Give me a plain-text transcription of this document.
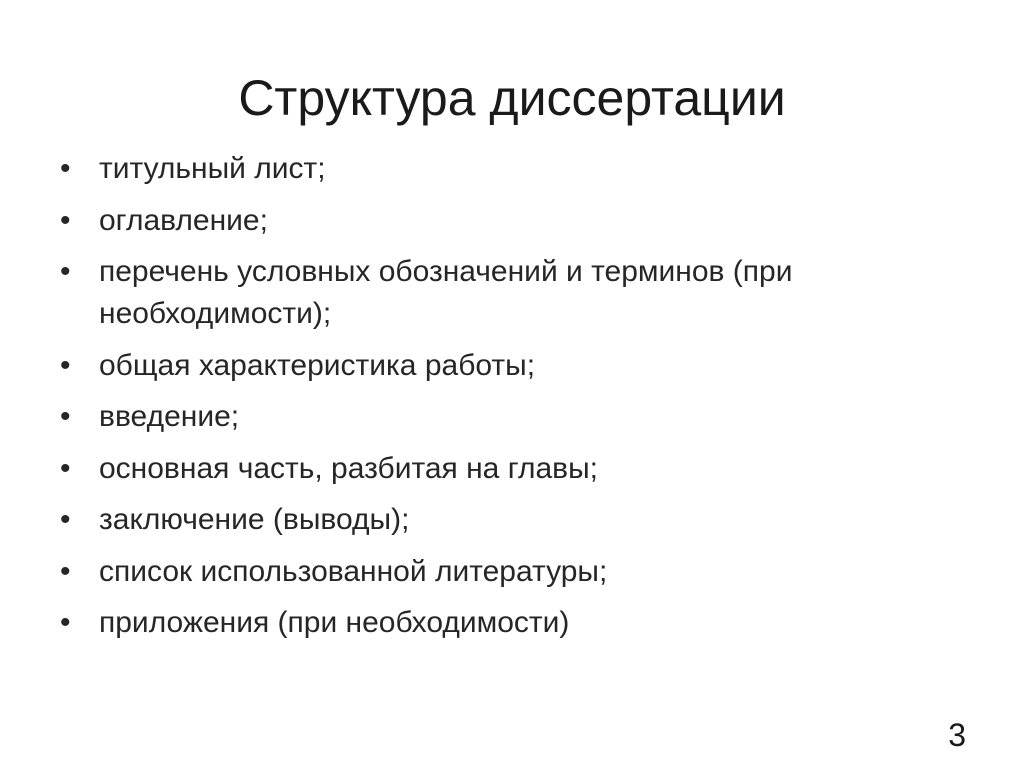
Структура диссертации
• титульный лист;
• оглавление;
• перечень условных обозначений и терминов (при необходимости);
• общая характеристика работы;
• введение;
• основная часть, разбитая на главы;
• заключение (выводы);
• список использованной литературы;
• приложения (при необходимости)
3
